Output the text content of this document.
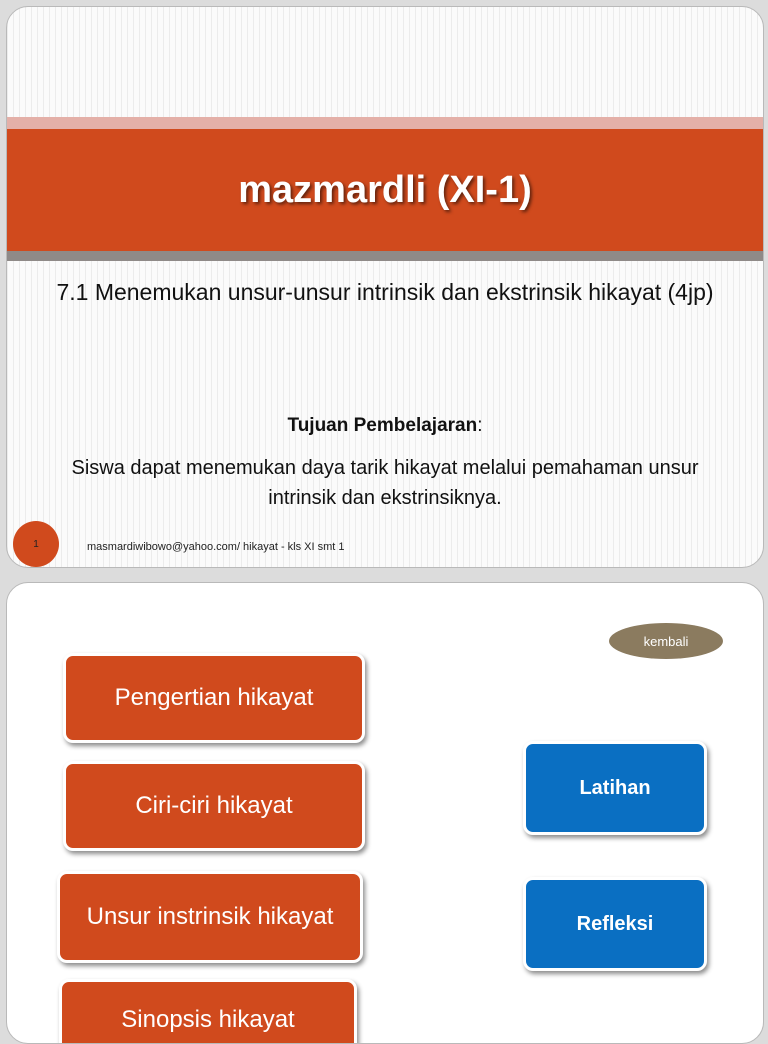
mazmardli (XI-1)
7.1 Menemukan unsur-unsur intrinsik dan ekstrinsik hikayat (4jp)
Tujuan Pembelajaran:
Siswa dapat menemukan daya tarik hikayat melalui pemahaman unsur intrinsik dan ekstrinsiknya.
1	masmardiwibowo@yahoo.com/ hikayat - kls XI smt 1
kembali
Pengertian hikayat
Ciri-ciri hikayat
Unsur instrinsik hikayat
Sinopsis hikayat
Latihan
Refleksi
